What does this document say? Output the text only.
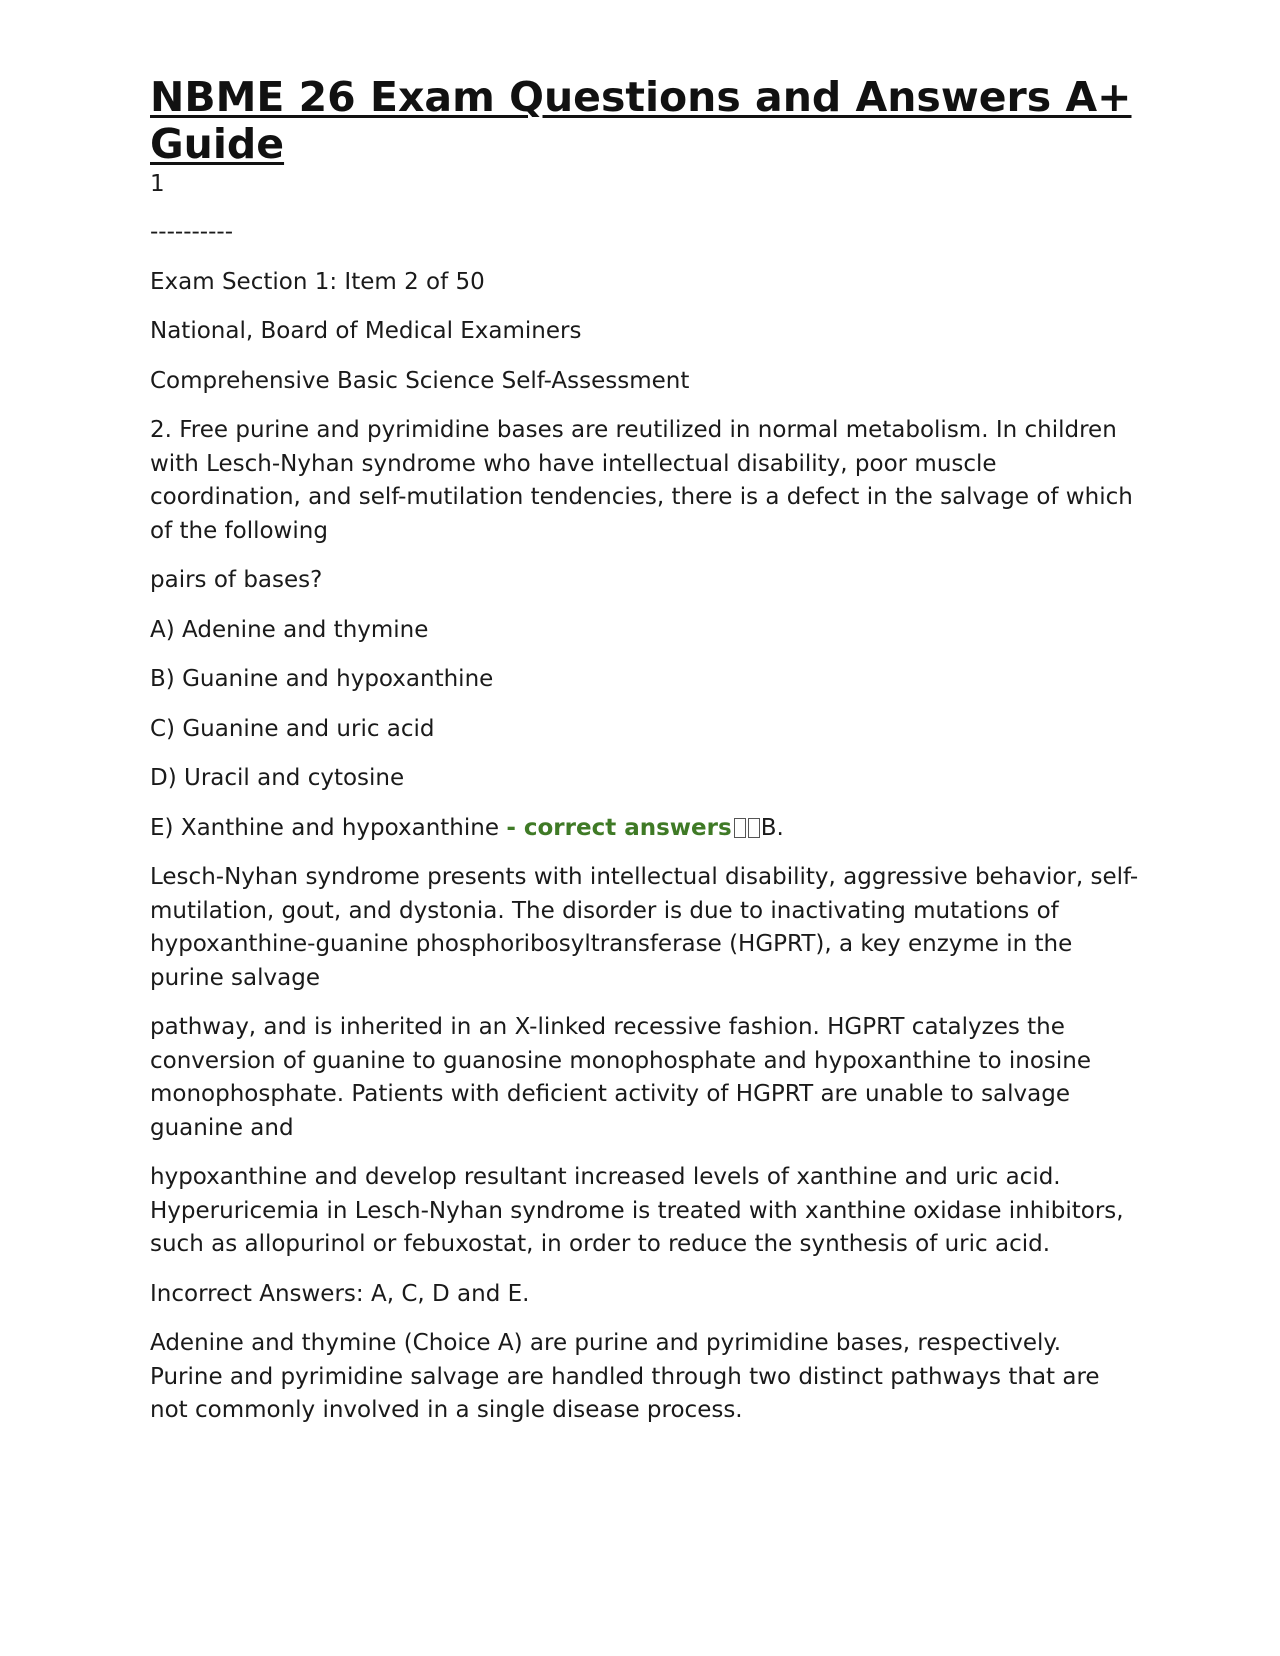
NBME 26 Exam Questions and Answers A+ Guide
1

----------

Exam Section 1: Item 2 of 50

National, Board of Medical Examiners

Comprehensive Basic Science Self-Assessment

2. Free purine and pyrimidine bases are reutilized in normal metabolism. In children with Lesch-Nyhan syndrome who have intellectual disability, poor muscle coordination, and self-mutilation tendencies, there is a defect in the salvage of which of the following

pairs of bases?

A) Adenine and thymine

B) Guanine and hypoxanthine

C) Guanine and uric acid

D) Uracil and cytosine

E) Xanthine and hypoxanthine - correct answers B.

Lesch-Nyhan syndrome presents with intellectual disability, aggressive behavior, self-mutilation, gout, and dystonia. The disorder is due to inactivating mutations of hypoxanthine-guanine phosphoribosyltransferase (HGPRT), a key enzyme in the purine salvage

pathway, and is inherited in an X-linked recessive fashion. HGPRT catalyzes the conversion of guanine to guanosine monophosphate and hypoxanthine to inosine monophosphate. Patients with deficient activity of HGPRT are unable to salvage guanine and

hypoxanthine and develop resultant increased levels of xanthine and uric acid. Hyperuricemia in Lesch-Nyhan syndrome is treated with xanthine oxidase inhibitors, such as allopurinol or febuxostat, in order to reduce the synthesis of uric acid.

Incorrect Answers: A, C, D and E.

Adenine and thymine (Choice A) are purine and pyrimidine bases, respectively. Purine and pyrimidine salvage are handled through two distinct pathways that are not commonly involved in a single disease process.
